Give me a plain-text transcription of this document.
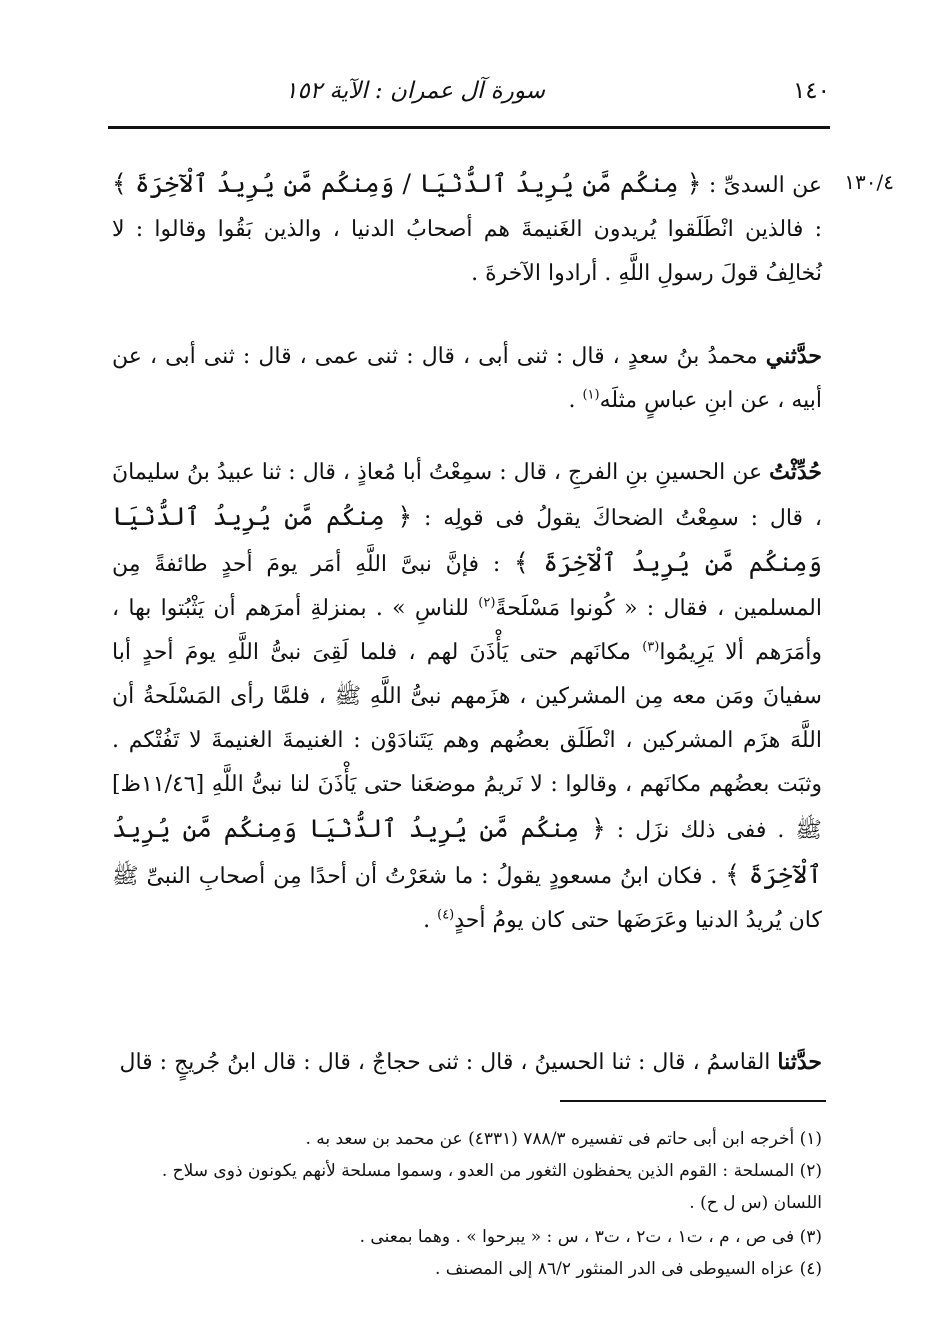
١٤٠
سورة آل عمران : الآية ١٥٢
١٣٠/٤
عن السدىِّ : ﴿ مِنكُم مَّن يُرِيدُ ٱلدُّنْيَا / وَمِنكُم مَّن يُرِيدُ ٱلْآخِرَةَ ﴾ : فالذين انْطَلَقوا يُريدون الغَنيمةَ هم أصحابُ الدنيا ، والذين بَقُوا وقالوا : لا نُخالِفُ قولَ رسولِ اللَّهِ . أرادوا الآخرةَ .
حدَّثني محمدُ بنُ سعدٍ ، قال : ثنى أبى ، قال : ثنى عمى ، قال : ثنى أبى ، عن أبيه ، عن ابنِ عباسٍ مثلَه$^{(١)}$ .
حُدِّثْتُ عن الحسينِ بنِ الفرجِ ، قال : سمِعْتُ أبا مُعاذٍ ، قال : ثنا عبيدُ بنُ سليمانَ ، قال : سمِعْتُ الضحاكَ يقولُ فى قولِه : ﴿ مِنكُم مَّن يُرِيدُ ٱلدُّنْيَا وَمِنكُم مَّن يُرِيدُ ٱلْآخِرَةَ ﴾ : فإنَّ نبىَّ اللَّهِ أمَر يومَ أحدٍ طائفةً مِن المسلمين ، فقال : « كُونوا مَسْلَحةً$^{(٢)}$ للناسِ » . بمنزلةِ أمرَهم أن يَثْبُتوا بها ، وأمَرَهم ألا يَرِيمُوا$^{(٣)}$ مكانَهم حتى يَأْذَنَ لهم ، فلما لَقِىَ نبىُّ اللَّهِ يومَ أحدٍ أبا سفيانَ ومَن معه مِن المشركين ، هزَمهم نبىُّ اللَّهِ ﷺ ، فلمَّا رأى المَسْلَحةُ أن اللَّهَ هزَم المشركين ، انْطَلَق بعضُهم وهم يَتَنادَوْن : الغنيمةَ الغنيمةَ لا تَفُتْكم . وثبَت بعضُهم مكانَهم ، وقالوا : لا نَريمُ موضعَنا حتى يَأْذَنَ لنا نبىُّ اللَّهِ [١١/٤٦ظ] ﷺ . ففى ذلك نزَل : ﴿ مِنكُم مَّن يُرِيدُ ٱلدُّنْيَا وَمِنكُم مَّن يُرِيدُ ٱلْآخِرَةَ ﴾ . فكان ابنُ مسعودٍ يقولُ : ما شعَرْتُ أن أحدًا مِن أصحابِ النبىِّ ﷺ كان يُريدُ الدنيا وعَرَضَها حتى كان يومُ أحدٍ$^{(٤)}$ .
حدَّثنا القاسمُ ، قال : ثنا الحسينُ ، قال : ثنى حجاجٌ ، قال : قال ابنُ جُريجٍ : قال
(١) أخرجه ابن أبى حاتم فى تفسيره ٧٨٨/٣ (٤٣٣١) عن محمد بن سعد به .
(٢) المسلحة : القوم الذين يحفظون الثغور من العدو ، وسموا مسلحة لأنهم يكونون ذوى سلاح .
اللسان (س ل ح) .
(٣) فى ص ، م ، ت١ ، ت٢ ، ت٣ ، س : « يبرحوا » . وهما بمعنى .
(٤) عزاه السيوطى فى الدر المنثور ٨٦/٢ إلى المصنف .
